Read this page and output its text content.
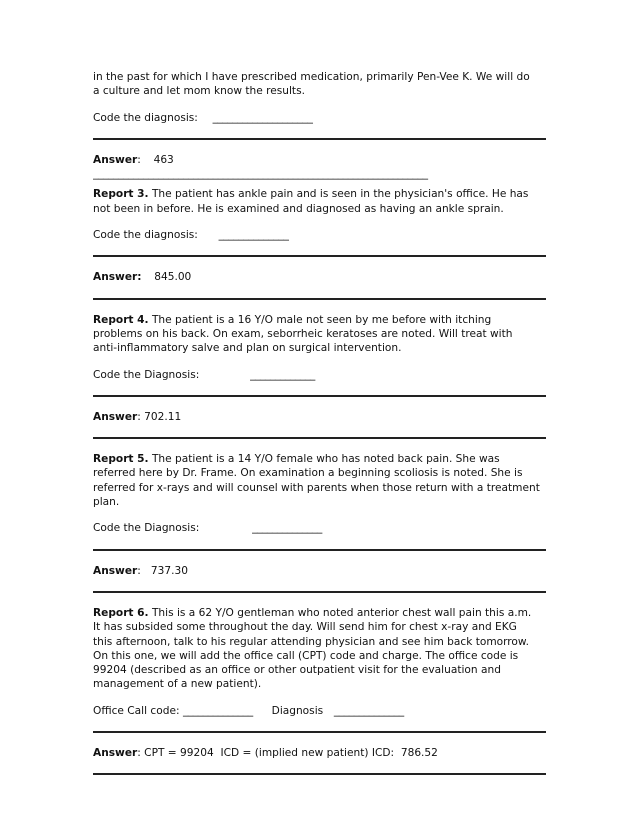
in the past for which I have prescribed medication, primarily Pen-Vee K. We will do

a culture and let mom know the results.

Code the diagnosis: ____________________

Answer: 463

___________________________________________________________________

Report 3. The patient has ankle pain and is seen in the physician's office. He has

not been in before. He is examined and diagnosed as having an ankle sprain.

Code the diagnosis: ______________

Answer: 845.00

Report 4. The patient is a 16 Y/O male not seen by me before with itching

problems on his back. On exam, seborrheic keratoses are noted. Will treat with

anti-inflammatory salve and plan on surgical intervention.

Code the Diagnosis:	_____________

Answer: 702.11

Report 5. The patient is a 14 Y/O female who has noted back pain. She was

referred here by Dr. Frame. On examination a beginning scoliosis is noted. She is

referred for x-rays and will counsel with parents when those return with a treatment

plan.

Code the Diagnosis:	______________

Answer:   737.30

Report 6. This is a 62 Y/O gentleman who noted anterior chest wall pain this a.m.

It has subsided some throughout the day. Will send him for chest x-ray and EKG

this afternoon, talk to his regular attending physician and see him back tomorrow.

On this one, we will add the office call (CPT) code and charge. The office code is

99204 (described as an office or other outpatient visit for the evaluation and

management of a new patient).

Office Call code: ______________ Diagnosis ______________

Answer: CPT = 99204  ICD = (implied new patient) ICD:  786.52
